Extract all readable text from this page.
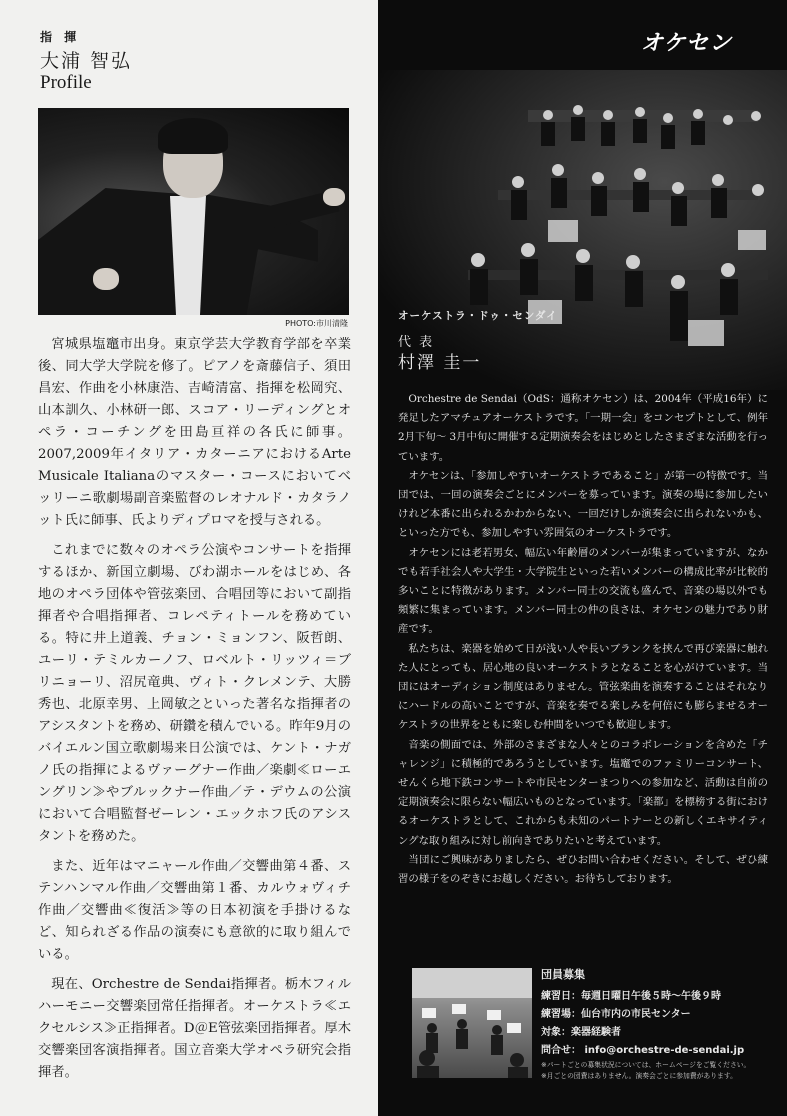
指 揮
大浦 智弘
Profile
PHOTO:市川清隆

宮城県塩竈市出身。東京学芸大学教育学部を卒業後、同大学大学院を修了。ピアノを斎藤信子、須田昌宏、作曲を小林康浩、吉崎清富、指揮を松岡究、山本訓久、小林研一郎、スコア・リーディングとオペラ・コーチングを田島亘祥の各氏に師事。2007,2009年イタリア・カターニアにおけるArte Musicale Italianaのマスター・コースにおいてベッリーニ歌劇場副音楽監督のレオナルド・カタラノット氏に師事、氏よりディプロマを授与される。

これまでに数々のオペラ公演やコンサートを指揮するほか、新国立劇場、びわ湖ホールをはじめ、各地のオペラ団体や管弦楽団、合唱団等において副指揮者や合唱指揮者、コレペティトールを務めている。特に井上道義、チョン・ミョンフン、阪哲朗、ユーリ・テミルカーノフ、ロベルト・リッツィ＝ブリニョーリ、沼尻竜典、ヴィト・クレメンテ、大勝秀也、北原幸男、上岡敏之といった著名な指揮者のアシスタントを務め、研鑽を積んでいる。昨年9月のバイエルン国立歌劇場来日公演では、ケント・ナガノ氏の指揮によるヴァーグナー作曲／楽劇≪ローエングリン≫やブルックナー作曲／テ・デウムの公演において合唱監督ゼーレン・エックホフ氏のアシスタントを務めた。

また、近年はマニャール作曲／交響曲第４番、ステンハンマル作曲／交響曲第１番、カルウォヴィチ作曲／交響曲≪復活≫等の日本初演を手掛けるなど、知られざる作品の演奏にも意欲的に取り組んでいる。

現在、Orchestre de Sendai指揮者。栃木フィルハーモニー交響楽団常任指揮者。オーケストラ≪エクセルシス≫正指揮者。D＠E管弦楽団指揮者。厚木交響楽団客演指揮者。国立音楽大学オペラ研究会指揮者。

オケセン
オーケストラ・ドゥ・センダイ
代 表
村澤 圭一

Orchestre de Sendai（OdS：通称オケセン）は、2004年（平成16年）に発足したアマチュアオーケストラです。「一期一会」をコンセプトとして、例年2月下旬〜 3月中旬に開催する定期演奏会をはじめとしたさまざまな活動を行っています。

オケセンは、「参加しやすいオーケストラであること」が第一の特徴です。当団では、一回の演奏会ごとにメンバーを募っています。演奏の場に参加したいけれど本番に出られるかわからない、一回だけしか演奏会に出られないかも、といった方でも、参加しやすい雰囲気のオーケストラです。

オケセンには老若男女、幅広い年齢層のメンバーが集まっていますが、なかでも若手社会人や大学生・大学院生といった若いメンバーの構成比率が比較的多いことに特徴があります。メンバー同士の交流も盛んで、音楽の場以外でも頻繁に集まっています。メンバー同士の仲の良さは、オケセンの魅力であり財産です。

私たちは、楽器を始めて日が浅い人や長いブランクを挟んで再び楽器に触れた人にとっても、居心地の良いオーケストラとなることを心がけています。当団にはオーディション制度はありません。管弦楽曲を演奏することはそれなりにハードルの高いことですが、音楽を奏でる楽しみを何倍にも膨らませるオーケストラの世界をともに楽しむ仲間をいつでも歓迎します。

音楽の側面では、外部のさまざまな人々とのコラボレーションを含めた「チャレンジ」に積極的であろうとしています。塩竈でのファミリーコンサート、せんくら地下鉄コンサートや市民センターまつりへの参加など、活動は自前の定期演奏会に限らない幅広いものとなっています。「楽都」を標榜する街におけるオーケストラとして、これからも未知のパートナーとの新しくエキサイティングな取り組みに対し前向きでありたいと考えています。

当団にご興味がありましたら、ぜひお問い合わせください。そして、ぜひ練習の様子をのぞきにお越しください。お待ちしております。

団員募集
練習日：毎週日曜日午後５時〜午後９時
練習場：仙台市内の市民センター
対象：楽器経験者
問合せ： info@orchestre-de-sendai.jp
※パートごとの募集状況については、ホームページをご覧ください。
※月ごとの団費はありません。演奏会ごとに参加費があります。
